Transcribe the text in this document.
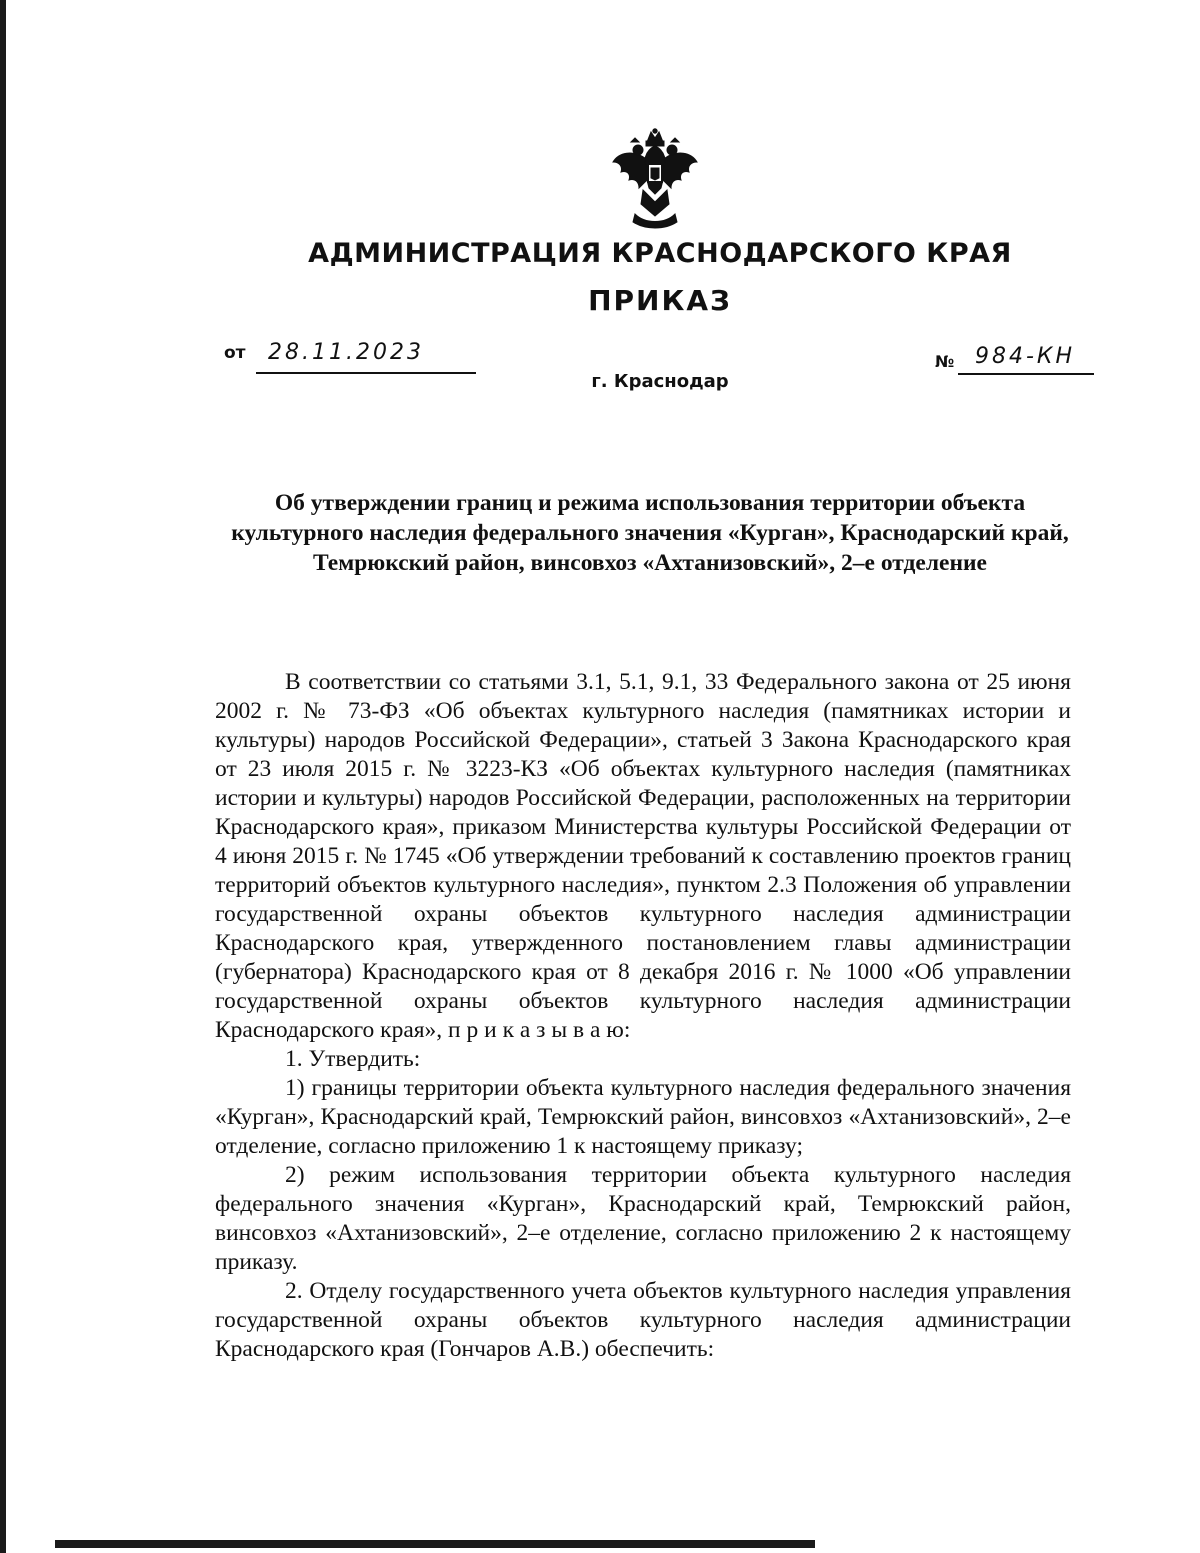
АДМИНИСТРАЦИЯ КРАСНОДАРСКОГО КРАЯ
ПРИКАЗ
от 28.11.2023	№ 984-КН
г. Краснодар
Об утверждении границ и режима использования территории объекта культурного наследия федерального значения «Курган», Краснодарский край, Темрюкский район, винсовхоз «Ахтанизовский», 2–е отделение

В соответствии со статьями 3.1, 5.1, 9.1, 33 Федерального закона от 25 июня 2002 г. № 73-ФЗ «Об объектах культурного наследия (памятниках истории и культуры) народов Российской Федерации», статьей 3 Закона Краснодарского края от 23 июля 2015 г. № 3223-КЗ «Об объектах культурного наследия (памятниках истории и культуры) народов Российской Федерации, расположенных на территории Краснодарского края», приказом Министерства культуры Российской Федерации от 4 июня 2015 г. № 1745 «Об утверждении требований к составлению проектов границ территорий объектов культурного наследия», пунктом 2.3 Положения об управлении государственной охраны объектов культурного наследия администрации Краснодарского края, утвержденного постановлением главы администрации (губернатора) Краснодарского края от 8 декабря 2016 г. № 1000 «Об управлении государственной охраны объектов культурного наследия администрации Краснодарского края», п р и к а з ы в а ю:

1. Утвердить:

1) границы территории объекта культурного наследия федерального значения «Курган», Краснодарский край, Темрюкский район, винсовхоз «Ахтанизовский», 2–е отделение, согласно приложению 1 к настоящему приказу;

2) режим использования территории объекта культурного наследия федерального значения «Курган», Краснодарский край, Темрюкский район, винсовхоз «Ахтанизовский», 2–е отделение, согласно приложению 2 к настоящему приказу.

2. Отделу государственного учета объектов культурного наследия управления государственной охраны объектов культурного наследия администрации Краснодарского края (Гончаров А.В.) обеспечить:
